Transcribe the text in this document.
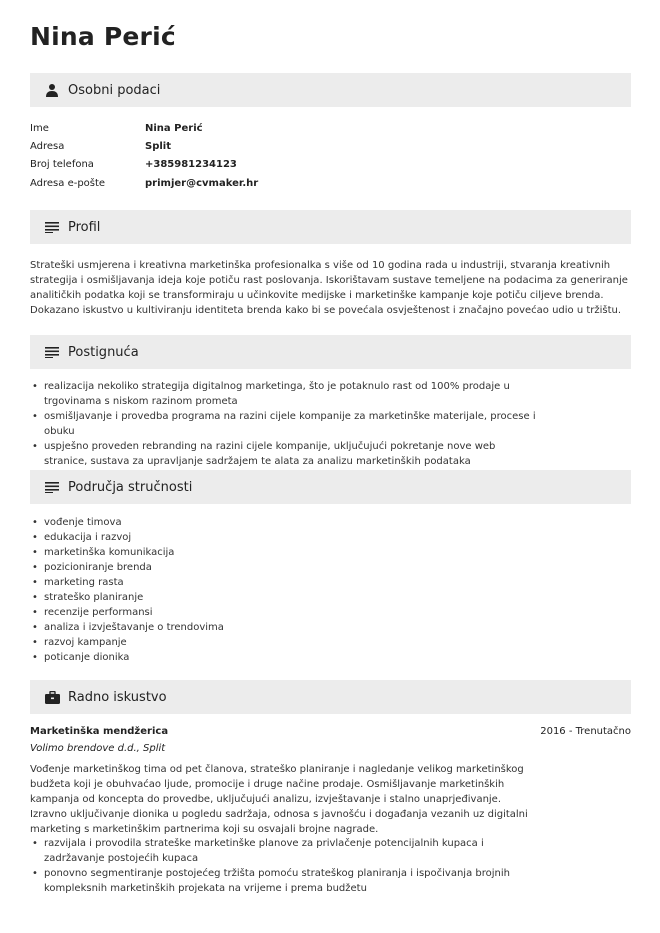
Nina Perić
Osobni podaci
Ime	Nina Perić
Adresa	Split
Broj telefona	+385981234123
Adresa e-pošte	primjer@cvmaker.hr
Profil
Strateški usmjerena i kreativna marketinška profesionalka s više od 10 godina rada u industriji, stvaranja kreativnih strategija i osmišljavanja ideja koje potiču rast poslovanja. Iskorištavam sustave temeljene na podacima za generiranje analitičkih podatka koji se transformiraju u učinkovite medijske i marketinške kampanje koje potiču ciljeve brenda. Dokazano iskustvo u kultiviranju identiteta brenda kako bi se povećala osvještenost i značajno povećao udio u tržištu.
Postignuća
• realizacija nekoliko strategija digitalnog marketinga, što je potaknulo rast od 100% prodaje u trgovinama s niskom razinom prometa
• osmišljavanje i provedba programa na razini cijele kompanije za marketinške materijale, procese i obuku
• uspješno proveden rebranding na razini cijele kompanije, uključujući pokretanje nove web stranice, sustava za upravljanje sadržajem te alata za analizu marketinških podataka
Područja stručnosti
• vođenje timova
• edukacija i razvoj
• marketinška komunikacija
• pozicioniranje brenda
• marketing rasta
• strateško planiranje
• recenzije performansi
• analiza i izvještavanje o trendovima
• razvoj kampanje
• poticanje dionika
Radno iskustvo
Marketinška mendžerica	2016 - Trenutačno
Volimo brendove d.d., Split
Vođenje marketinškog tima od pet članova, strateško planiranje i nagledanje velikog marketinškog budžeta koji je obuhvaćao ljude, promocije i druge načine prodaje. Osmišljavanje marketinških kampanja od koncepta do provedbe, uključujući analizu, izvještavanje i stalno unaprjeđivanje. Izravno uključivanje dionika u pogledu sadržaja, odnosa s javnošću i događanja vezanih uz digitalni marketing s marketinškim partnerima koji su osvajali brojne nagrade.
• razvijala i provodila strateške marketinške planove za privlačenje potencijalnih kupaca i zadržavanje postojećih kupaca
• ponovno segmentiranje postojećeg tržišta pomoću strateškog planiranja i ispočivanja brojnih kompleksnih marketinških projekata na vrijeme i prema budžetu
